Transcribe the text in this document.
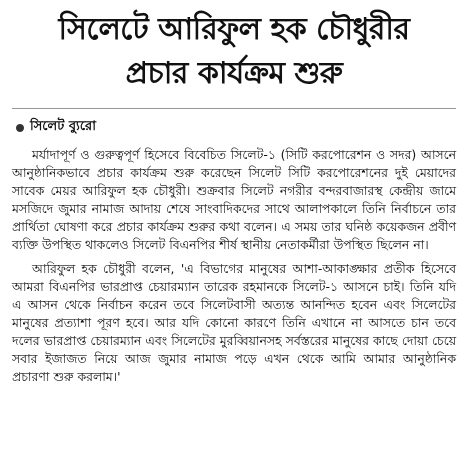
সিলেটে আরিফুল হক চৌধুরীর
প্রচার কার্যক্রম শুরু
সিলেট ব্যুরো

মর্যাদাপূর্ণ ও গুরুত্বপূর্ণ হিসেবে বিবেচিত সিলেট-১ (সিটি করপোরেশন ও সদর) আসনে আনুষ্ঠানিকভাবে প্রচার কার্যক্রম শুরু করেছেন সিলেট সিটি করপোরেশনের দুই মেয়াদের সাবেক মেয়র আরিফুল হক চৌধুরী। শুক্রবার সিলেট নগরীর বন্দরবাজারস্থ কেন্দ্রীয় জামে মসজিদে জুমার নামাজ আদায় শেষে সাংবাদিকদের সাথে আলাপকালে তিনি নির্বাচনে তার প্রার্থিতা ঘোষণা করে প্রচার কার্যক্রম শুরুর কথা বলেন। এ সময় তার ঘনিষ্ঠ কয়েকজন প্রবীণ ব্যক্তি উপস্থিত থাকলেও সিলেট বিএনপির শীর্ষ স্থানীয় নেতাকর্মীরা উপস্থিত ছিলেন না।

আরিফুল হক চৌধুরী বলেন, 'এ বিভাগের মানুষের আশা-আকাঙ্ক্ষার প্রতীক হিসেবে আমরা বিএনপির ভারপ্রাপ্ত চেয়ারম্যান তারেক রহমানকে সিলেট-১ আসনে চাই। তিনি যদি এ আসন থেকে নির্বাচন করেন তবে সিলেটবাসী অত্যন্ত আনন্দিত হবেন এবং সিলেটের মানুষের প্রত্যাশা পূরণ হবে। আর যদি কোনো কারণে তিনি এখানে না আসতে চান তবে দলের ভারপ্রাপ্ত চেয়ারম্যান এবং সিলেটের মুরব্বিয়ানসহ সর্বস্তরের মানুষের কাছে দোয়া চেয়ে সবার ইজাজত নিয়ে আজ জুমার নামাজ পড়ে এখন থেকে আমি আমার আনুষ্ঠানিক প্রচারণা শুরু করলাম।'
